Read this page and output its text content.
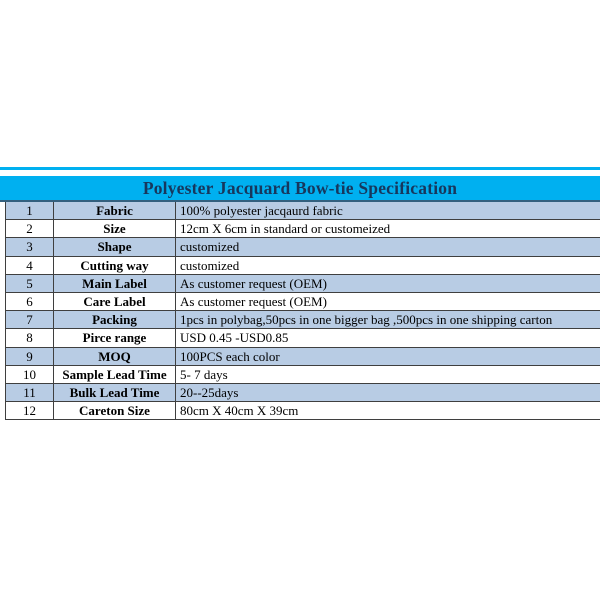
Polyester Jacquard Bow-tie Specification
1	Fabric	100% polyester jacqaurd fabric
2	Size	12cm X 6cm in standard or customeized
3	Shape	customized
4	Cutting way	customized
5	Main Label	As customer request (OEM)
6	Care Label	As customer request (OEM)
7	Packing	1pcs in polybag,50pcs in one bigger bag ,500pcs in one shipping carton
8	Pirce range	USD 0.45 -USD0.85
9	MOQ	100PCS each color
10	Sample Lead Time	5- 7 days
11	Bulk Lead Time	20--25days
12	Careton Size	80cm X 40cm X 39cm
